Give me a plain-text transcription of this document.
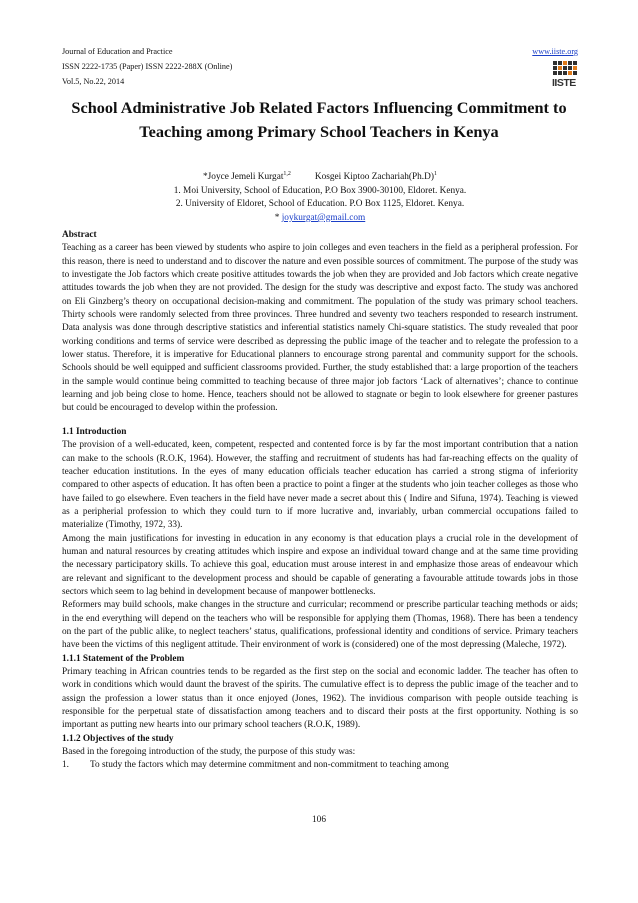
Journal of Education and Practice
ISSN 2222-1735 (Paper) ISSN 2222-288X (Online)
Vol.5, No.22, 2014
www.iiste.org
IISTE
School Administrative Job Related Factors Influencing Commitment to Teaching among Primary School Teachers in Kenya
*Joyce Jemeli Kurgat$^{1,2}$	Kosgei Kiptoo $Zachariah(Ph.D)^1$
1. Moi University, School of Education, P.O Box 3900-30100, Eldoret. Kenya.
2. University of Eldoret, School of Education. P.O Box 1125, Eldoret. Kenya.
* joykurgat@gmail.com

Abstract

Teaching as a career has been viewed by students who aspire to join colleges and even teachers in the field as a peripheral profession. For this reason, there is need to understand and to discover the nature and even possible sources of commitment. The purpose of the study was to investigate the Job factors which create positive attitudes towards the job when they are provided and Job factors which create negative attitudes towards the job when they are not provided. The design for the study was descriptive and expost facto. The study was anchored on Eli Ginzberg’s theory on occupational decision-making and commitment. The population of the study was primary school teachers. Thirty schools were randomly selected from three provinces. Three hundred and seventy two teachers responded to research instrument. Data analysis was done through descriptive statistics and inferential statistics namely Chi-square statistics. The study revealed that poor working conditions and terms of service were described as depressing the public image of the teacher and to relegate the profession to a lower status. Therefore, it is imperative for Educational planners to encourage strong parental and community support for the schools. Schools should be well equipped and sufficient classrooms provided. Further, the study established that: a large proportion of the teachers in the sample would continue being committed to teaching because of three major job factors ‘Lack of alternatives’; chance to continue learning and job being close to home. Hence, teachers should not be allowed to stagnate or begin to look elsewhere for greener pastures but could be encouraged to develop within the profession.

1.1 Introduction

The provision of a well-educated, keen, competent, respected and contented force is by far the most important contribution that a nation can make to the schools (R.O.K, 1964). However, the staffing and recruitment of students has had far-reaching effects on the quality of teacher education institutions. In the eyes of many education officials teacher education has carried a strong stigma of inferiority compared to other aspects of education. It has often been a practice to point a finger at the students who join teacher colleges as those who have failed to go elsewhere. Even teachers in the field have never made a secret about this ( Indire and Sifuna, 1974). Teaching is viewed as a peripherial profession to which they could turn to if more lucrative and, invariably, urban commercial occupations failed to materialize (Timothy, 1972, 33).

Among the main justifications for investing in education in any economy is that education plays a crucial role in the development of human and natural resources by creating attitudes which inspire and expose an individual toward change and at the same time providing the necessary participatory skills. To achieve this goal, education must arouse interest in and emphasize those areas of endeavour which are relevant and significant to the development process and should be capable of generating a favourable attitude towards jobs in those sectors which seem to lag behind in development because of manpower bottlenecks.

Reformers may build schools, make changes in the structure and curricular; recommend or prescribe particular teaching methods or aids; in the end everything will depend on the teachers who will be responsible for applying them (Thomas, 1968). There has been a tendency on the part of the public alike, to neglect teachers’ status, qualifications, professional identity and conditions of service. Primary teachers have been the victims of this negligent attitude. Their environment of work is (considered) one of the most depressing (Maleche, 1972).

1.1.1 Statement of the Problem

Primary teaching in African countries tends to be regarded as the first step on the social and economic ladder. The teacher has often to work in conditions which would daunt the bravest of the spirits. The cumulative effect is to depress the public image of the teacher and to assign the profession a lower status than it once enjoyed (Jones, 1962). The invidious comparison with people outside teaching is responsible for the perpetual state of dissatisfaction among teachers and to discard their posts at the first opportunity. Nothing is so important as putting new hearts into our primary school teachers (R.O.K, 1989).

1.1.2 Objectives of the study

Based in the foregoing introduction of the study, the purpose of this study was:

1.	To study the factors which may determine commitment and non-commitment to teaching among
106
